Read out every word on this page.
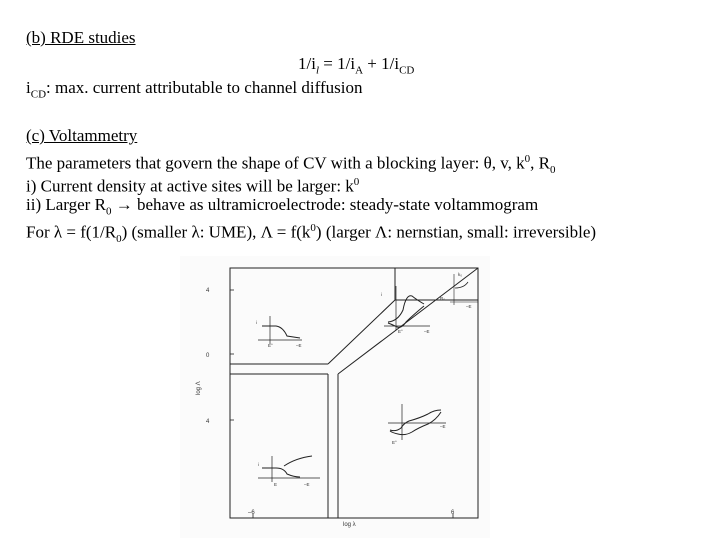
(b) RDE studies
$1/i_l = 1/i_A + 1/i_{CD}$
$i_{CD}$: max. current attributable to channel diffusion
(c) Voltammetry
The parameters that govern the shape of CV with a blocking layer: θ, v, $k^0$, $R_0$
i) Current density at active sites will be larger: $k^0$
ii) Larger $R_0$ → behave as ultramicroelectrode: steady-state voltammogram
For $\lambda = f(1/R_0)$ (smaller λ: UME), $\Lambda = f(k^0)$ (larger Λ: nernstian, small: irreversible)
4
0
4
–6	6
log λ
log Λ
i
E°	–E
i
E°	–E
k₀
R₀
–E
E°
–E
i
E	–E
